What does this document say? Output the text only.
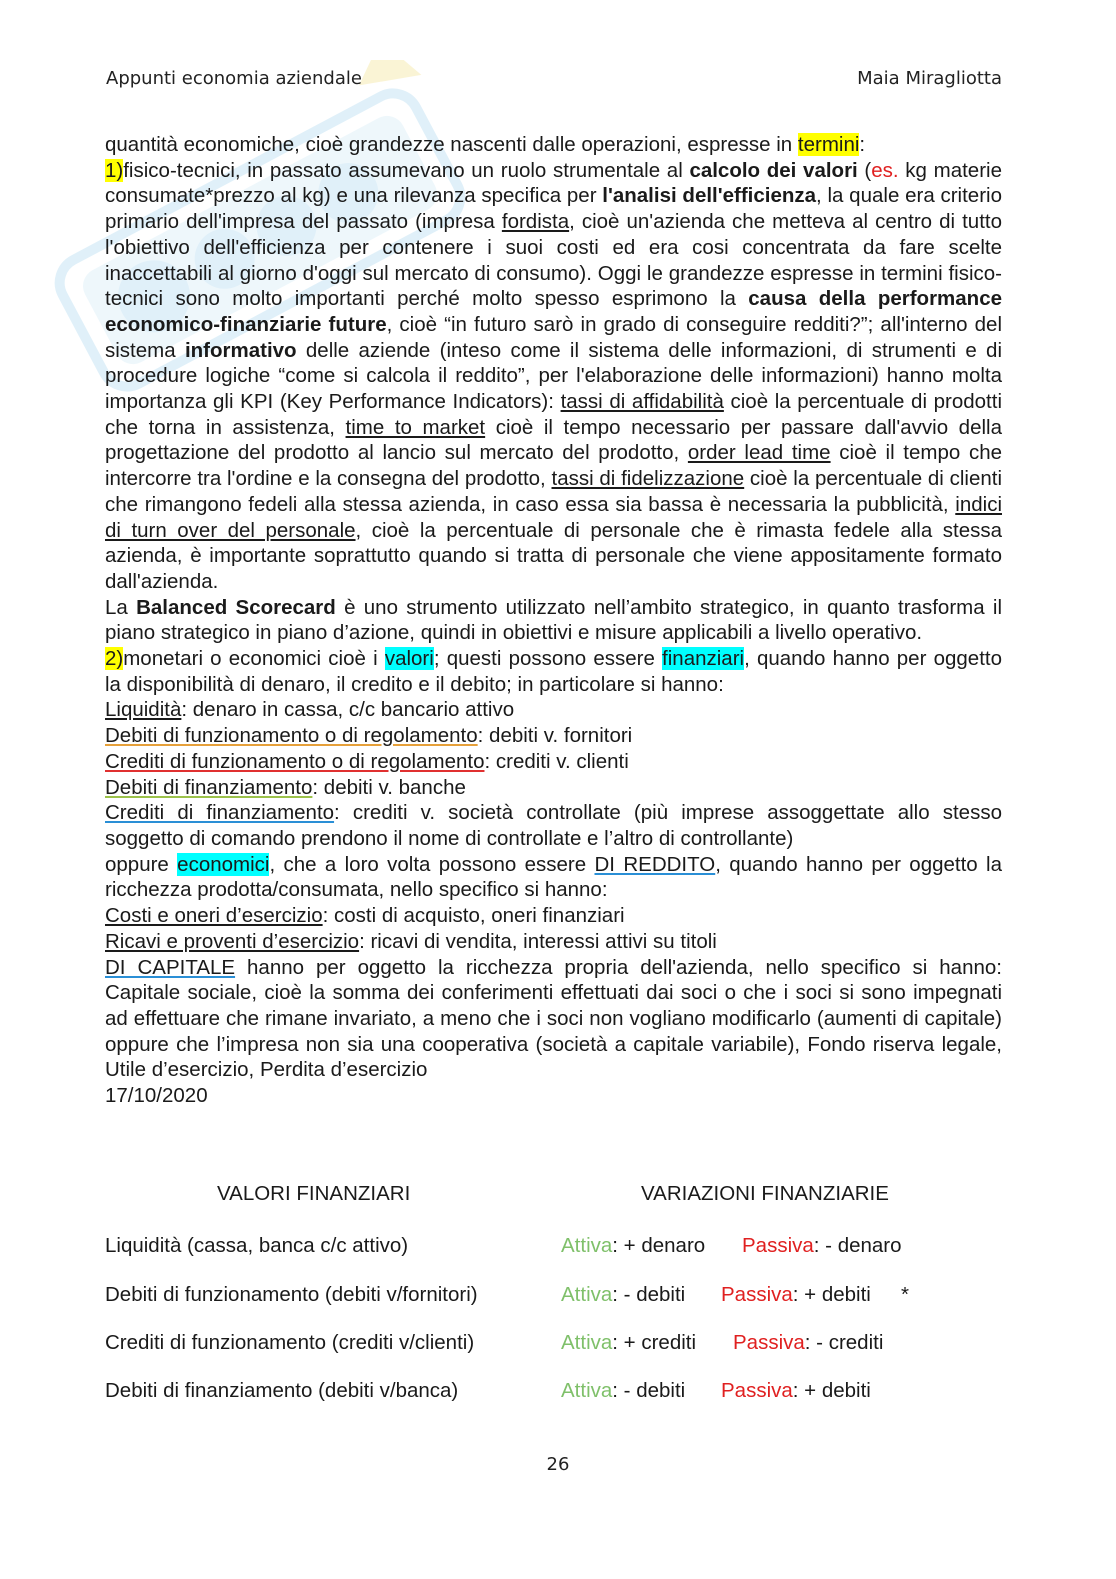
Appunti economia aziendale	Maia Miragliotta

quantità economiche, cioè grandezze nascenti dalle operazioni, espresse in termini:

1)fisico-tecnici, in passato assumevano un ruolo strumentale al calcolo dei valori (es. kg materie consumate*prezzo al kg) e una rilevanza specifica per l'analisi dell'efficienza, la quale era criterio primario dell'impresa del passato (impresa fordista, cioè un'azienda che metteva al centro di tutto l'obiettivo dell'efficienza per contenere i suoi costi ed era cosi concentrata da fare scelte inaccettabili al giorno d'oggi sul mercato di consumo). Oggi le grandezze espresse in termini fisico-tecnici sono molto importanti perché molto spesso esprimono la causa della performance economico-finanziarie future, cioè “in futuro sarò in grado di conseguire redditi?”; all'interno del sistema informativo delle aziende (inteso come il sistema delle informazioni, di strumenti e di procedure logiche “come si calcola il reddito”, per l'elaborazione delle informazioni) hanno molta importanza gli KPI (Key Performance Indicators): tassi di affidabilità cioè la percentuale di prodotti che torna in assistenza, time to market cioè il tempo necessario per passare dall'avvio della progettazione del prodotto al lancio sul mercato del prodotto, order lead time cioè il tempo che intercorre tra l'ordine e la consegna del prodotto, tassi di fidelizzazione cioè la percentuale di clienti che rimangono fedeli alla stessa azienda, in caso essa sia bassa è necessaria la pubblicità, indici di turn over del personale, cioè la percentuale di personale che è rimasta fedele alla stessa azienda, è importante soprattutto quando si tratta di personale che viene appositamente formato dall'azienda.

La Balanced Scorecard è uno strumento utilizzato nell’ambito strategico, in quanto trasforma il piano strategico in piano d’azione, quindi in obiettivi e misure applicabili a livello operativo.

2)monetari o economici cioè i valori; questi possono essere finanziari, quando hanno per oggetto la disponibilità di denaro, il credito e il debito; in particolare si hanno:

Liquidità: denaro in cassa, c/c bancario attivo

Debiti di funzionamento o di regolamento: debiti v. fornitori

Crediti di funzionamento o di regolamento: crediti v. clienti

Debiti di finanziamento: debiti v. banche

Crediti di finanziamento: crediti v. società controllate (più imprese assoggettate allo stesso soggetto di comando prendono il nome di controllate e l’altro di controllante)

oppure economici, che a loro volta possono essere DI REDDITO, quando hanno per oggetto la ricchezza prodotta/consumata, nello specifico si hanno:

Costi e oneri d’esercizio: costi di acquisto, oneri finanziari

Ricavi e proventi d’esercizio: ricavi di vendita, interessi attivi su titoli

DI CAPITALE hanno per oggetto la ricchezza propria dell'azienda, nello specifico si hanno: Capitale sociale, cioè la somma dei conferimenti effettuati dai soci o che i soci si sono impegnati ad effettuare che rimane invariato, a meno che i soci non vogliano modificarlo (aumenti di capitale) oppure che l’impresa non sia una cooperativa (società a capitale variabile), Fondo riserva legale, Utile d’esercizio, Perdita d’esercizio

17/10/2020

VALORI FINANZIARI	VARIAZIONI FINANZIARIE
Liquidità (cassa, banca c/c attivo)	Attiva: + denaro Passiva: - denaro
Debiti di funzionamento (debiti v/fornitori)	Attiva: - debiti Passiva: + debiti *
Crediti di funzionamento (crediti v/clienti)	Attiva: + crediti Passiva: - crediti
Debiti di finanziamento (debiti v/banca)	Attiva: - debiti Passiva: + debiti
26
